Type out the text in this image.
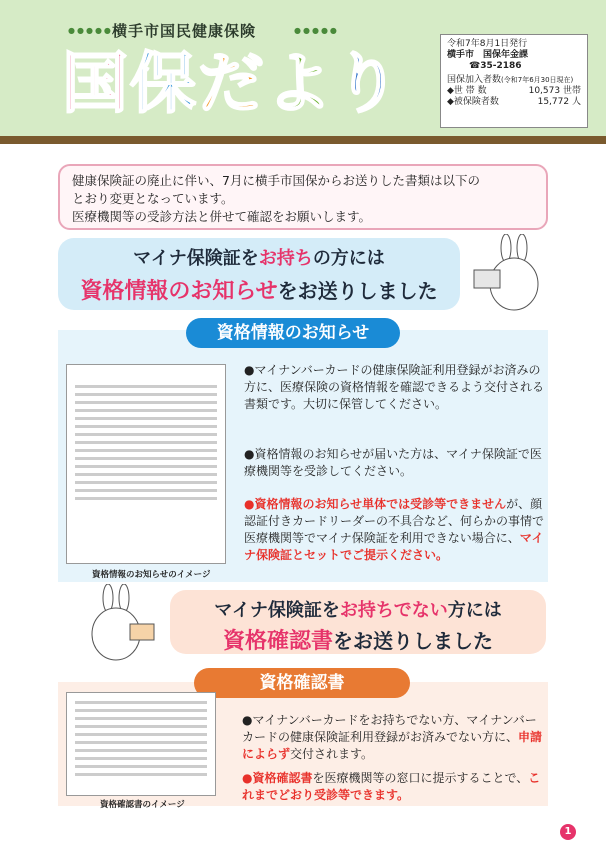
●●●●● 横手市国民健康保険	●●●●●
国 保 だ よ り
令和7年8月1日発行
横手市　国保年金課
☎35-2186
国保加入者数(令和7年6月30日現在)
◆世 帯 数	10,573 世帯
◆被保険者数	15,772 人
健康保険証の廃止に伴い、7月に横手市国保からお送りした書類は以下の
とおり変更となっています。
医療機関等の受診方法と併せて確認をお願いします。
マイナ保険証をお持ちの方には
資格情報のお知らせをお送りしました
資格情報のお知らせ
資格情報のお知らせのイメージ
●マイナンバーカードの健康保険証利用登録がお済みの方に、医療保険の資格情報を確認できるよう交付される書類です。大切に保管してください。
●資格情報のお知らせが届いた方は、マイナ保険証で医療機関等を受診してください。
●資格情報のお知らせ単体では受診等できませんが、顔認証付きカードリーダーの不具合など、何らかの事情で医療機関等でマイナ保険証を利用できない場合に、マイナ保険証とセットでご提示ください。
マイナ保険証をお持ちでない方には
資格確認書をお送りしました
資格確認書
資格確認書のイメージ
●マイナンバーカードをお持ちでない方、マイナンバーカードの健康保険証利用登録がお済みでない方に、申請によらず交付されます。
●資格確認書を医療機関等の窓口に提示することで、これまでどおり受診等できます。
1
